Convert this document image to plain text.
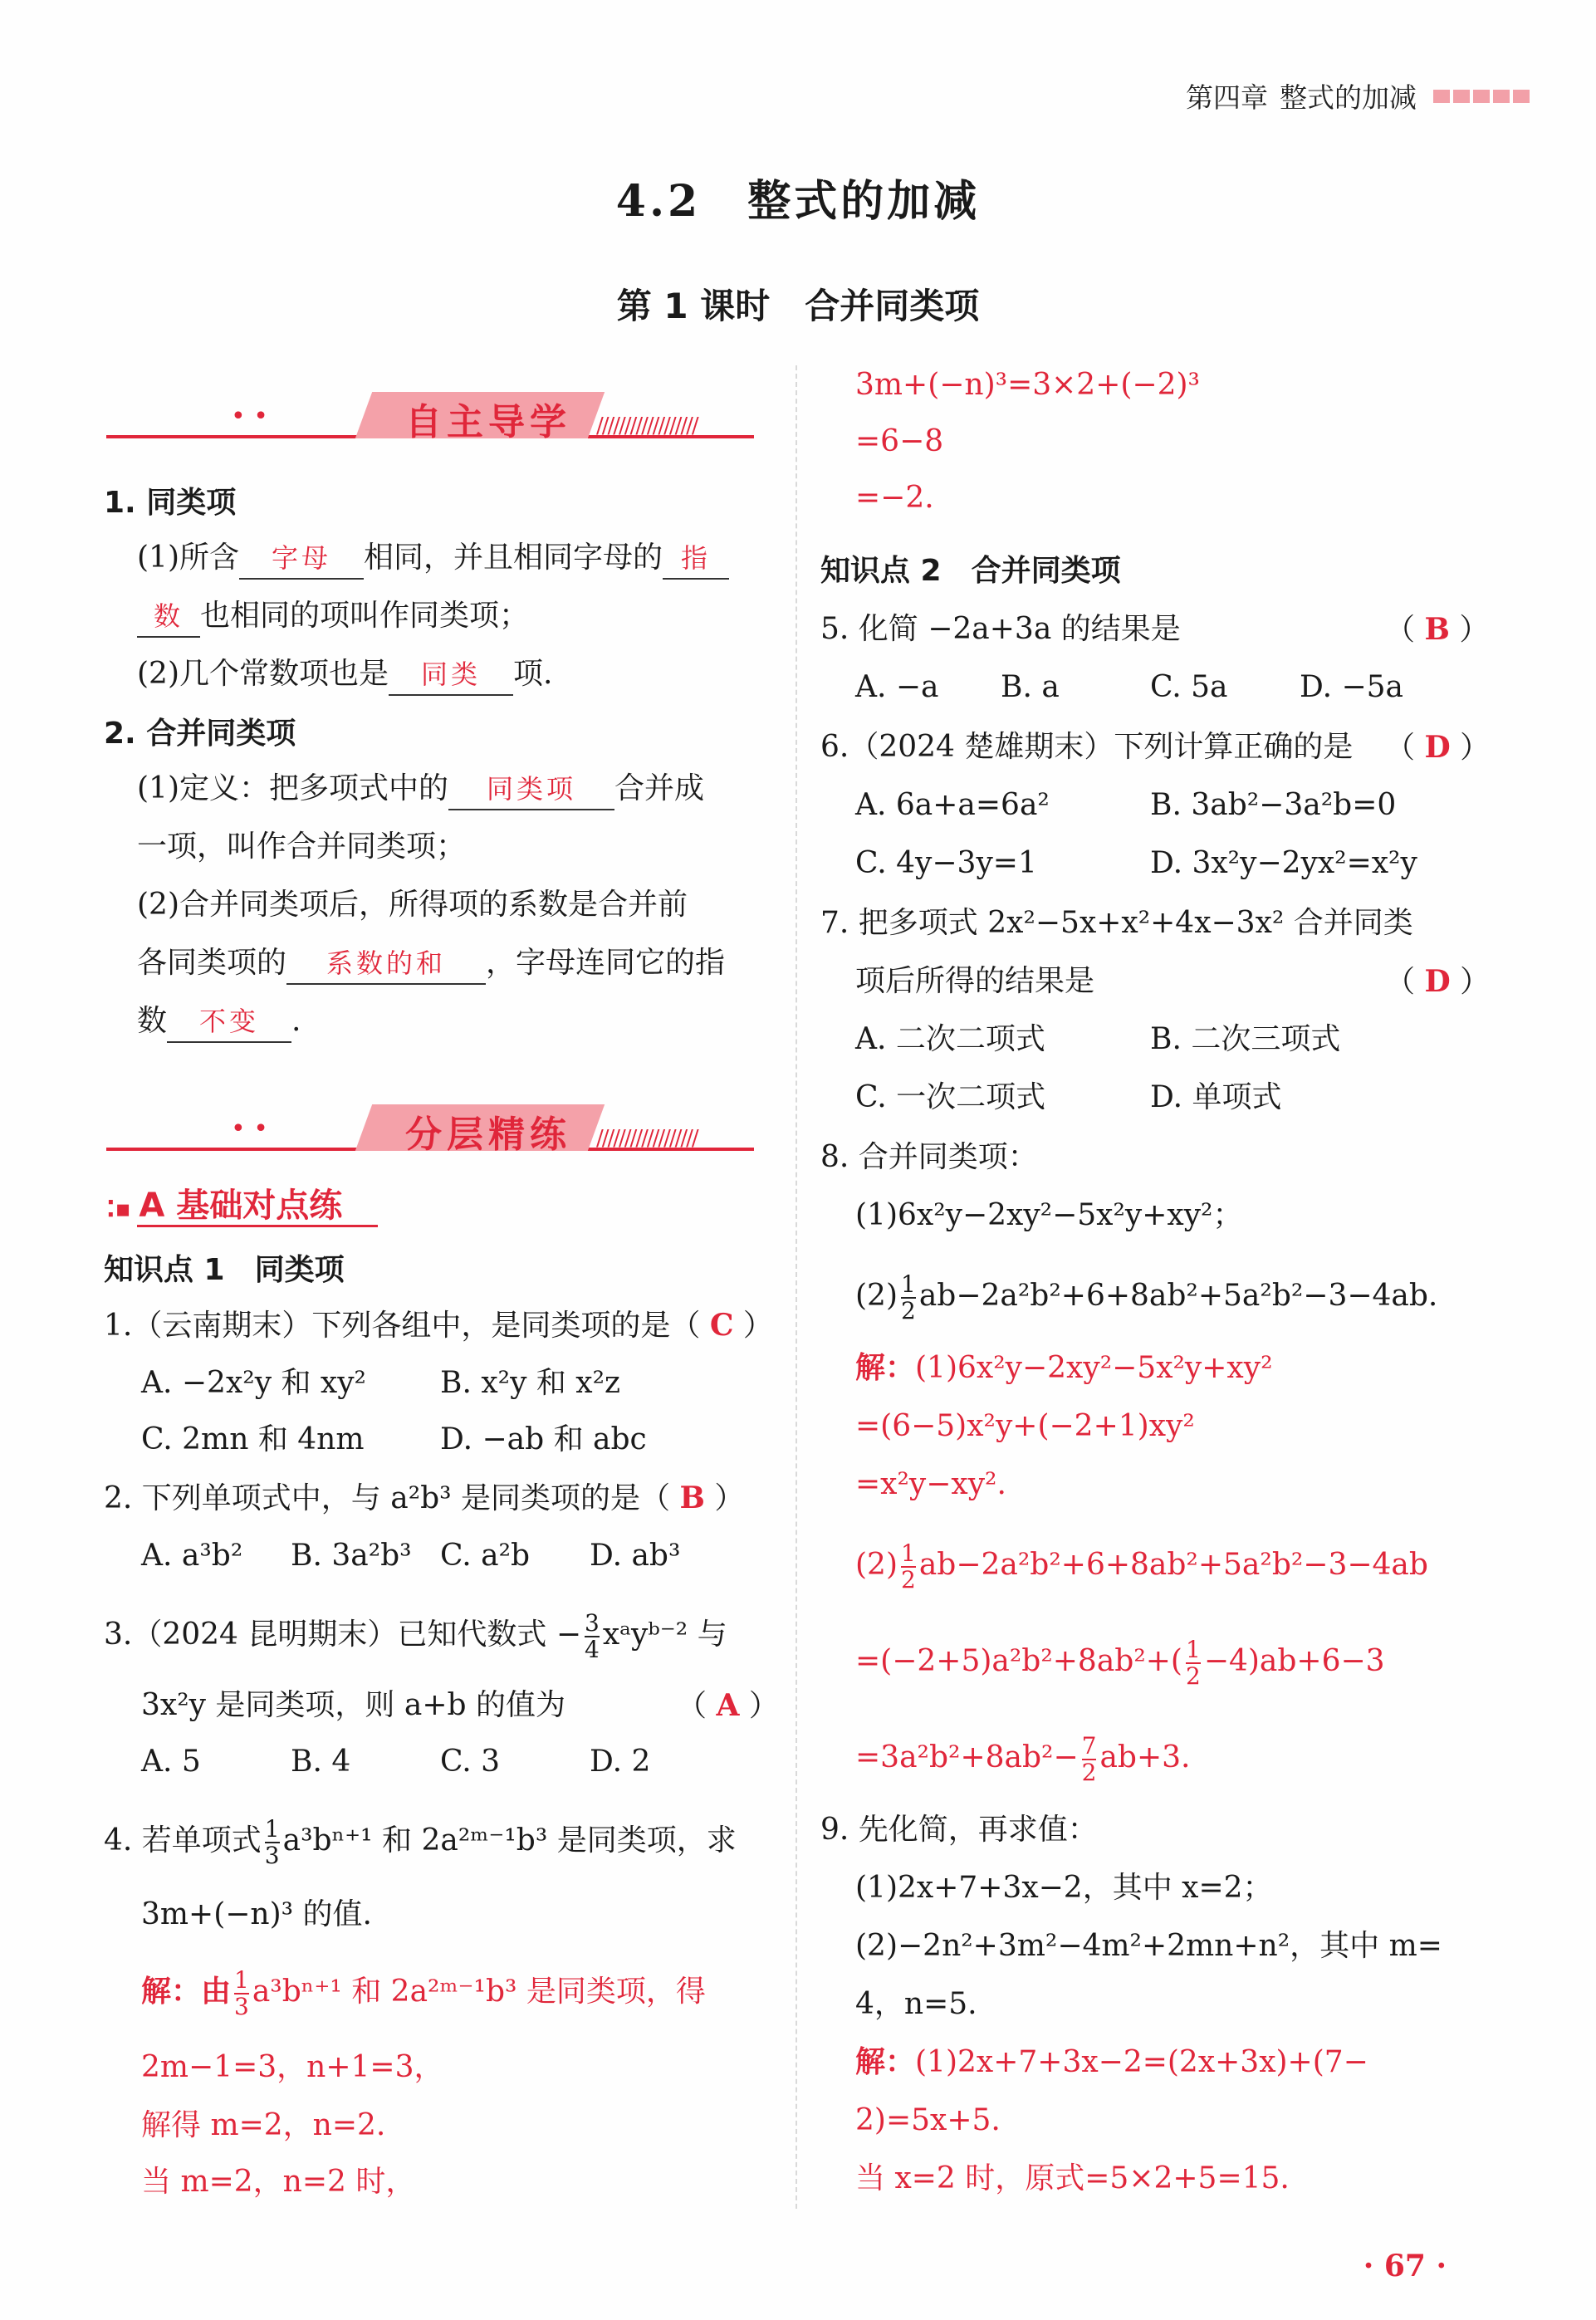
第四章 整式的加减
4.2　整式的加减
第 1 课时　合并同类项
• •	自主导学 //////////////////
1. 同类项
(1)所含 字母 相同，并且相同字母的 指
数 也相同的项叫作同类项；
(2)几个常数项也是 同类 项.
2. 合并同类项
(1)定义：把多项式中的 同类项 合并成
一项，叫作合并同类项；
(2)合并同类项后，所得项的系数是合并前
各同类项的 系数的和 ，字母连同它的指
数 不变 .
• •	分层精练 //////////////////
⁚▪ A 基础对点练
知识点 1　同类项
1.（云南期末）下列各组中，是同类项的是（ C ）
A. −2x²y 和 xy² B. x²y 和 x²z
C. 2mn 和 4nm	D. −ab 和 abc
2. 下列单项式中，与 a²b³ 是同类项的是（ B ）
A. a³b² B. 3a²b³ C. a²b D. ab³
3.（2024 昆明期末）已知代数式 − $\frac{3}{4}$ xᵃyᵇ⁻² 与
3x²y 是同类项，则 a+b 的值为	（ A ）
A. 5	B. 4	C. 3	D. 2
4. 若单项式 $\frac{1}{3} a^3b^{n+1}$ 和 2a²ᵐ⁻¹b³ 是同类项，求
3m+(−n)³ 的值.
解：由 $\frac{1}{3} a^3b^{n+1}$ 和 2a²ᵐ⁻¹b³ 是同类项，得
2m−1=3，n+1=3，
解得 m=2，n=2.
当 m=2，n=2 时，
3m+(−n)³=3×2+(−2)³
=6−8
=−2.
知识点 2　合并同类项
5. 化简 −2a+3a 的结果是	（ B ）
A. −a B. a	C. 5a D. −5a
6.（2024 楚雄期末）下列计算正确的是 （ D ）
A. 6a+a=6a²	B. 3ab²−3a²b=0
C. 4y−3y=1	D. 3x²y−2yx²=x²y
7. 把多项式 2x²−5x+x²+4x−3x² 合并同类
项后所得的结果是	（ D ）
A. 二次二项式	B. 二次三项式
C. 一次二项式	D. 单项式
8. 合并同类项：
(1)6x²y−2xy²−5x²y+xy²；
$(2) \frac{1}{2} ab-2a^2b^2+6+8ab^2+5a^2b^2-3-4ab$.
解：(1)6x²y−2xy²−5x²y+xy²
=(6−5)x²y+(−2+1)xy²
=x²y−xy².
$(2) \frac{1}{2} ab-2a^2b^2+6+8ab^2+5a^2b^2-3-4ab$
$=(-2+5)a^2b^2+8ab^2+( \frac{1}{2} -4)ab+6-3$
$=3a^2b^2+8ab^2- \frac{7}{2} ab+3$.
9. 先化简，再求值：
(1)2x+7+3x−2，其中 x=2；
(2)−2n²+3m²−4m²+2mn+n²，其中 m=
4，n=5.
解：(1)2x+7+3x−2=(2x+3x)+(7−
2)=5x+5.
当 x=2 时，原式=5×2+5=15.
· 67 ·
